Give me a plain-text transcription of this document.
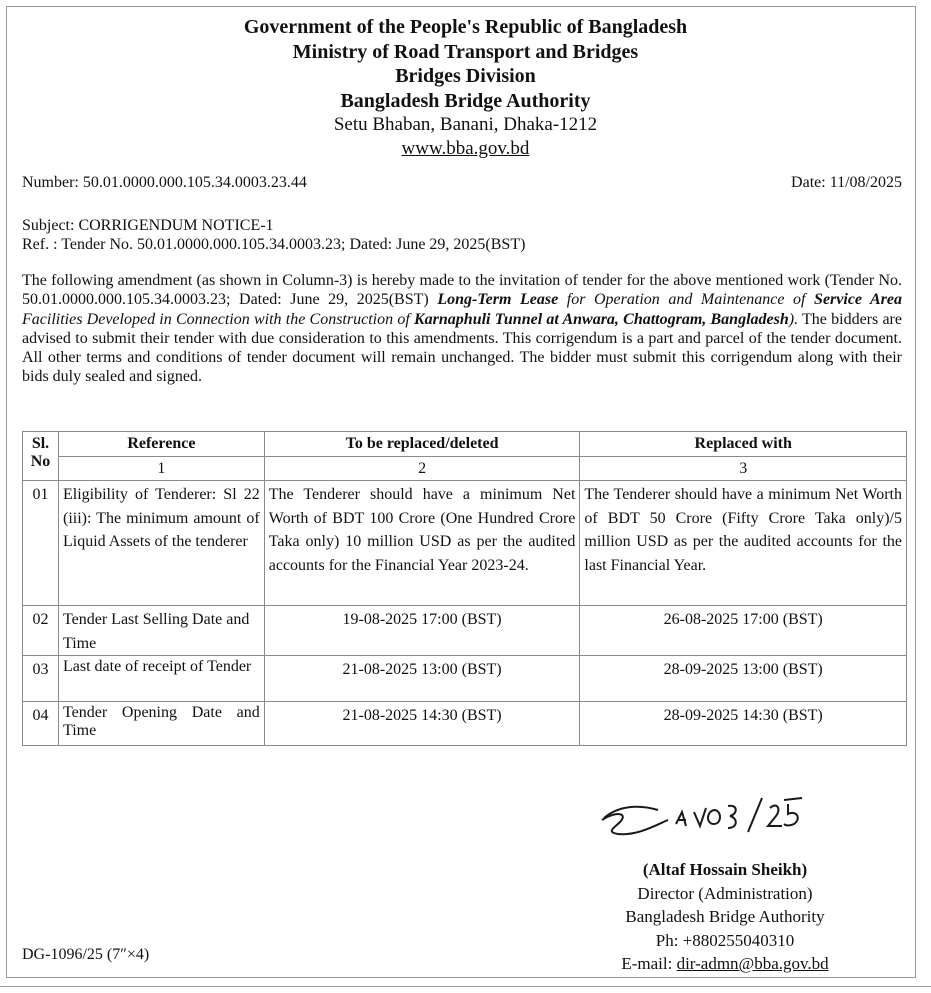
Government of the People's Republic of Bangladesh
Ministry of Road Transport and Bridges
Bridges Division
Bangladesh Bridge Authority
Setu Bhaban, Banani, Dhaka-1212
www.bba.gov.bd
Number: 50.01.0000.000.105.34.0003.23.44	Date: 11/08/2025
Subject: CORRIGENDUM NOTICE-1
Ref. : Tender No. 50.01.0000.000.105.34.0003.23; Dated: June 29, 2025(BST)
The following amendment (as shown in Column-3) is hereby made to the invitation of tender for the above mentioned work (Tender No. 50.01.0000.000.105.34.0003.23; Dated: June 29, 2025(BST) Long-Term Lease for Operation and Maintenance of Service Area Facilities Developed in Connection with the Construction of Karnaphuli Tunnel at Anwara, Chattogram, Bangladesh). The bidders are advised to submit their tender with due consideration to this amendments. This corrigendum is a part and parcel of the tender document. All other terms and conditions of tender document will remain unchanged. The bidder must submit this corrigendum along with their bids duly sealed and signed.
Sl. No	Reference	To be replaced/deleted	Replaced with
	1	2	3
01	Eligibility of Tenderer: Sl 22 (iii): The minimum amount of Liquid Assets of the tenderer	The Tenderer should have a minimum Net Worth of BDT 100 Crore (One Hundred Crore Taka only) 10 million USD as per the audited accounts for the Financial Year 2023-24.	The Tenderer should have a minimum Net Worth of BDT 50 Crore (Fifty Crore Taka only)/5 million USD as per the audited accounts for the last Financial Year.
02	Tender Last Selling Date and Time	19-08-2025 17:00 (BST)	26-08-2025 17:00 (BST)
03	Last date of receipt of Tender	21-08-2025 13:00 (BST)	28-09-2025 13:00 (BST)
04	Tender Opening Date and Time	21-08-2025 14:30 (BST)	28-09-2025 14:30 (BST)
(Altaf Hossain Sheikh)
Director (Administration)
Bangladesh Bridge Authority
Ph: +880255040310
E-mail: dir-admn@bba.gov.bd
DG-1096/25 (7″×4)
